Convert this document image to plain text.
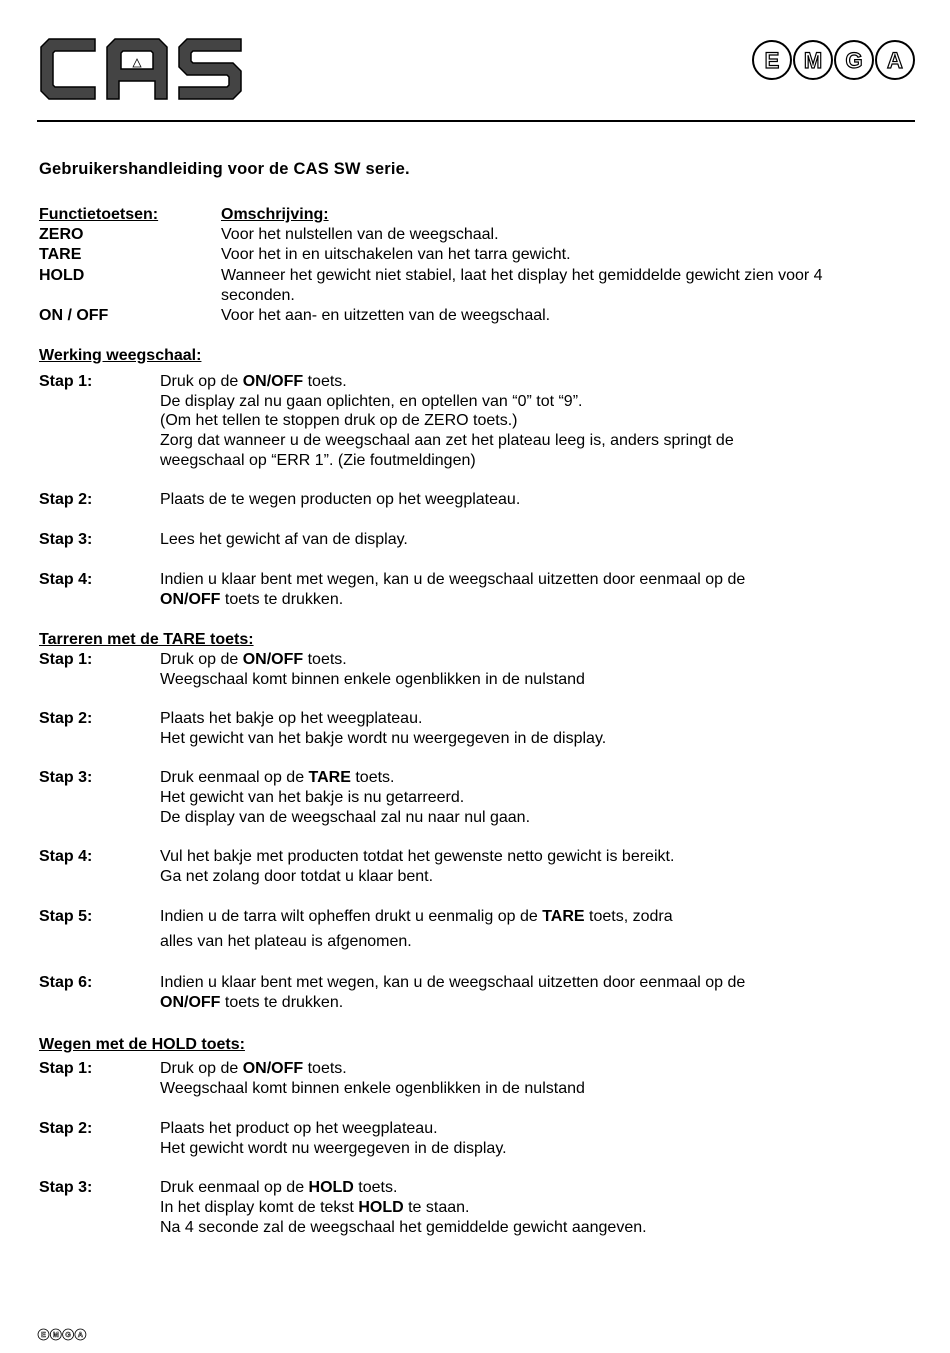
E M G A
Gebruikershandleiding voor de CAS SW serie.
Functietoetsen:	Omschrijving:
ZERO	Voor het nulstellen van de weegschaal.
TARE	Voor het in en uitschakelen van het tarra gewicht.
HOLD	Wanneer het gewicht niet stabiel, laat het display het gemiddelde gewicht zien voor 4
seconden.
ON / OFF	Voor het aan- en uitzetten van de weegschaal.
Werking weegschaal:
Stap 1:	Druk op de ON/OFF toets.
De display zal nu gaan oplichten, en optellen van “0” tot “9”.
(Om het tellen te stoppen druk op de ZERO toets.)
Zorg dat wanneer u de weegschaal aan zet het plateau leeg is, anders springt de
weegschaal op “ERR 1”. (Zie foutmeldingen)
Stap 2:	Plaats de te wegen producten op het weegplateau.
Stap 3:	Lees het gewicht af van de display.
Stap 4:	Indien u klaar bent met wegen, kan u de weegschaal uitzetten door eenmaal op de
ON/OFF toets te drukken.
Tarreren met de TARE toets:
Stap 1:	Druk op de ON/OFF toets.
Weegschaal komt binnen enkele ogenblikken in de nulstand
Stap 2:	Plaats het bakje op het weegplateau.
Het gewicht van het bakje wordt nu weergegeven in de display.
Stap 3:	Druk eenmaal op de TARE toets.
Het gewicht van het bakje is nu getarreerd.
De display van de weegschaal zal nu naar nul gaan.
Stap 4:	Vul het bakje met producten totdat het gewenste netto gewicht is bereikt.
Ga net zolang door totdat u klaar bent.
Stap 5:	Indien u de tarra wilt opheffen drukt u eenmalig op de TARE toets, zodra
alles van het plateau is afgenomen.
Stap 6:	Indien u klaar bent met wegen, kan u de weegschaal uitzetten door eenmaal op de
ON/OFF toets te drukken.
Wegen met de HOLD toets:
Stap 1:	Druk op de ON/OFF toets.
Weegschaal komt binnen enkele ogenblikken in de nulstand
Stap 2:	Plaats het product op het weegplateau.
Het gewicht wordt nu weergegeven in de display.
Stap 3:	Druk eenmaal op de HOLD toets.
In het display komt de tekst HOLD te staan.
Na 4 seconde zal de weegschaal het gemiddelde gewicht aangeven.
E M G A
